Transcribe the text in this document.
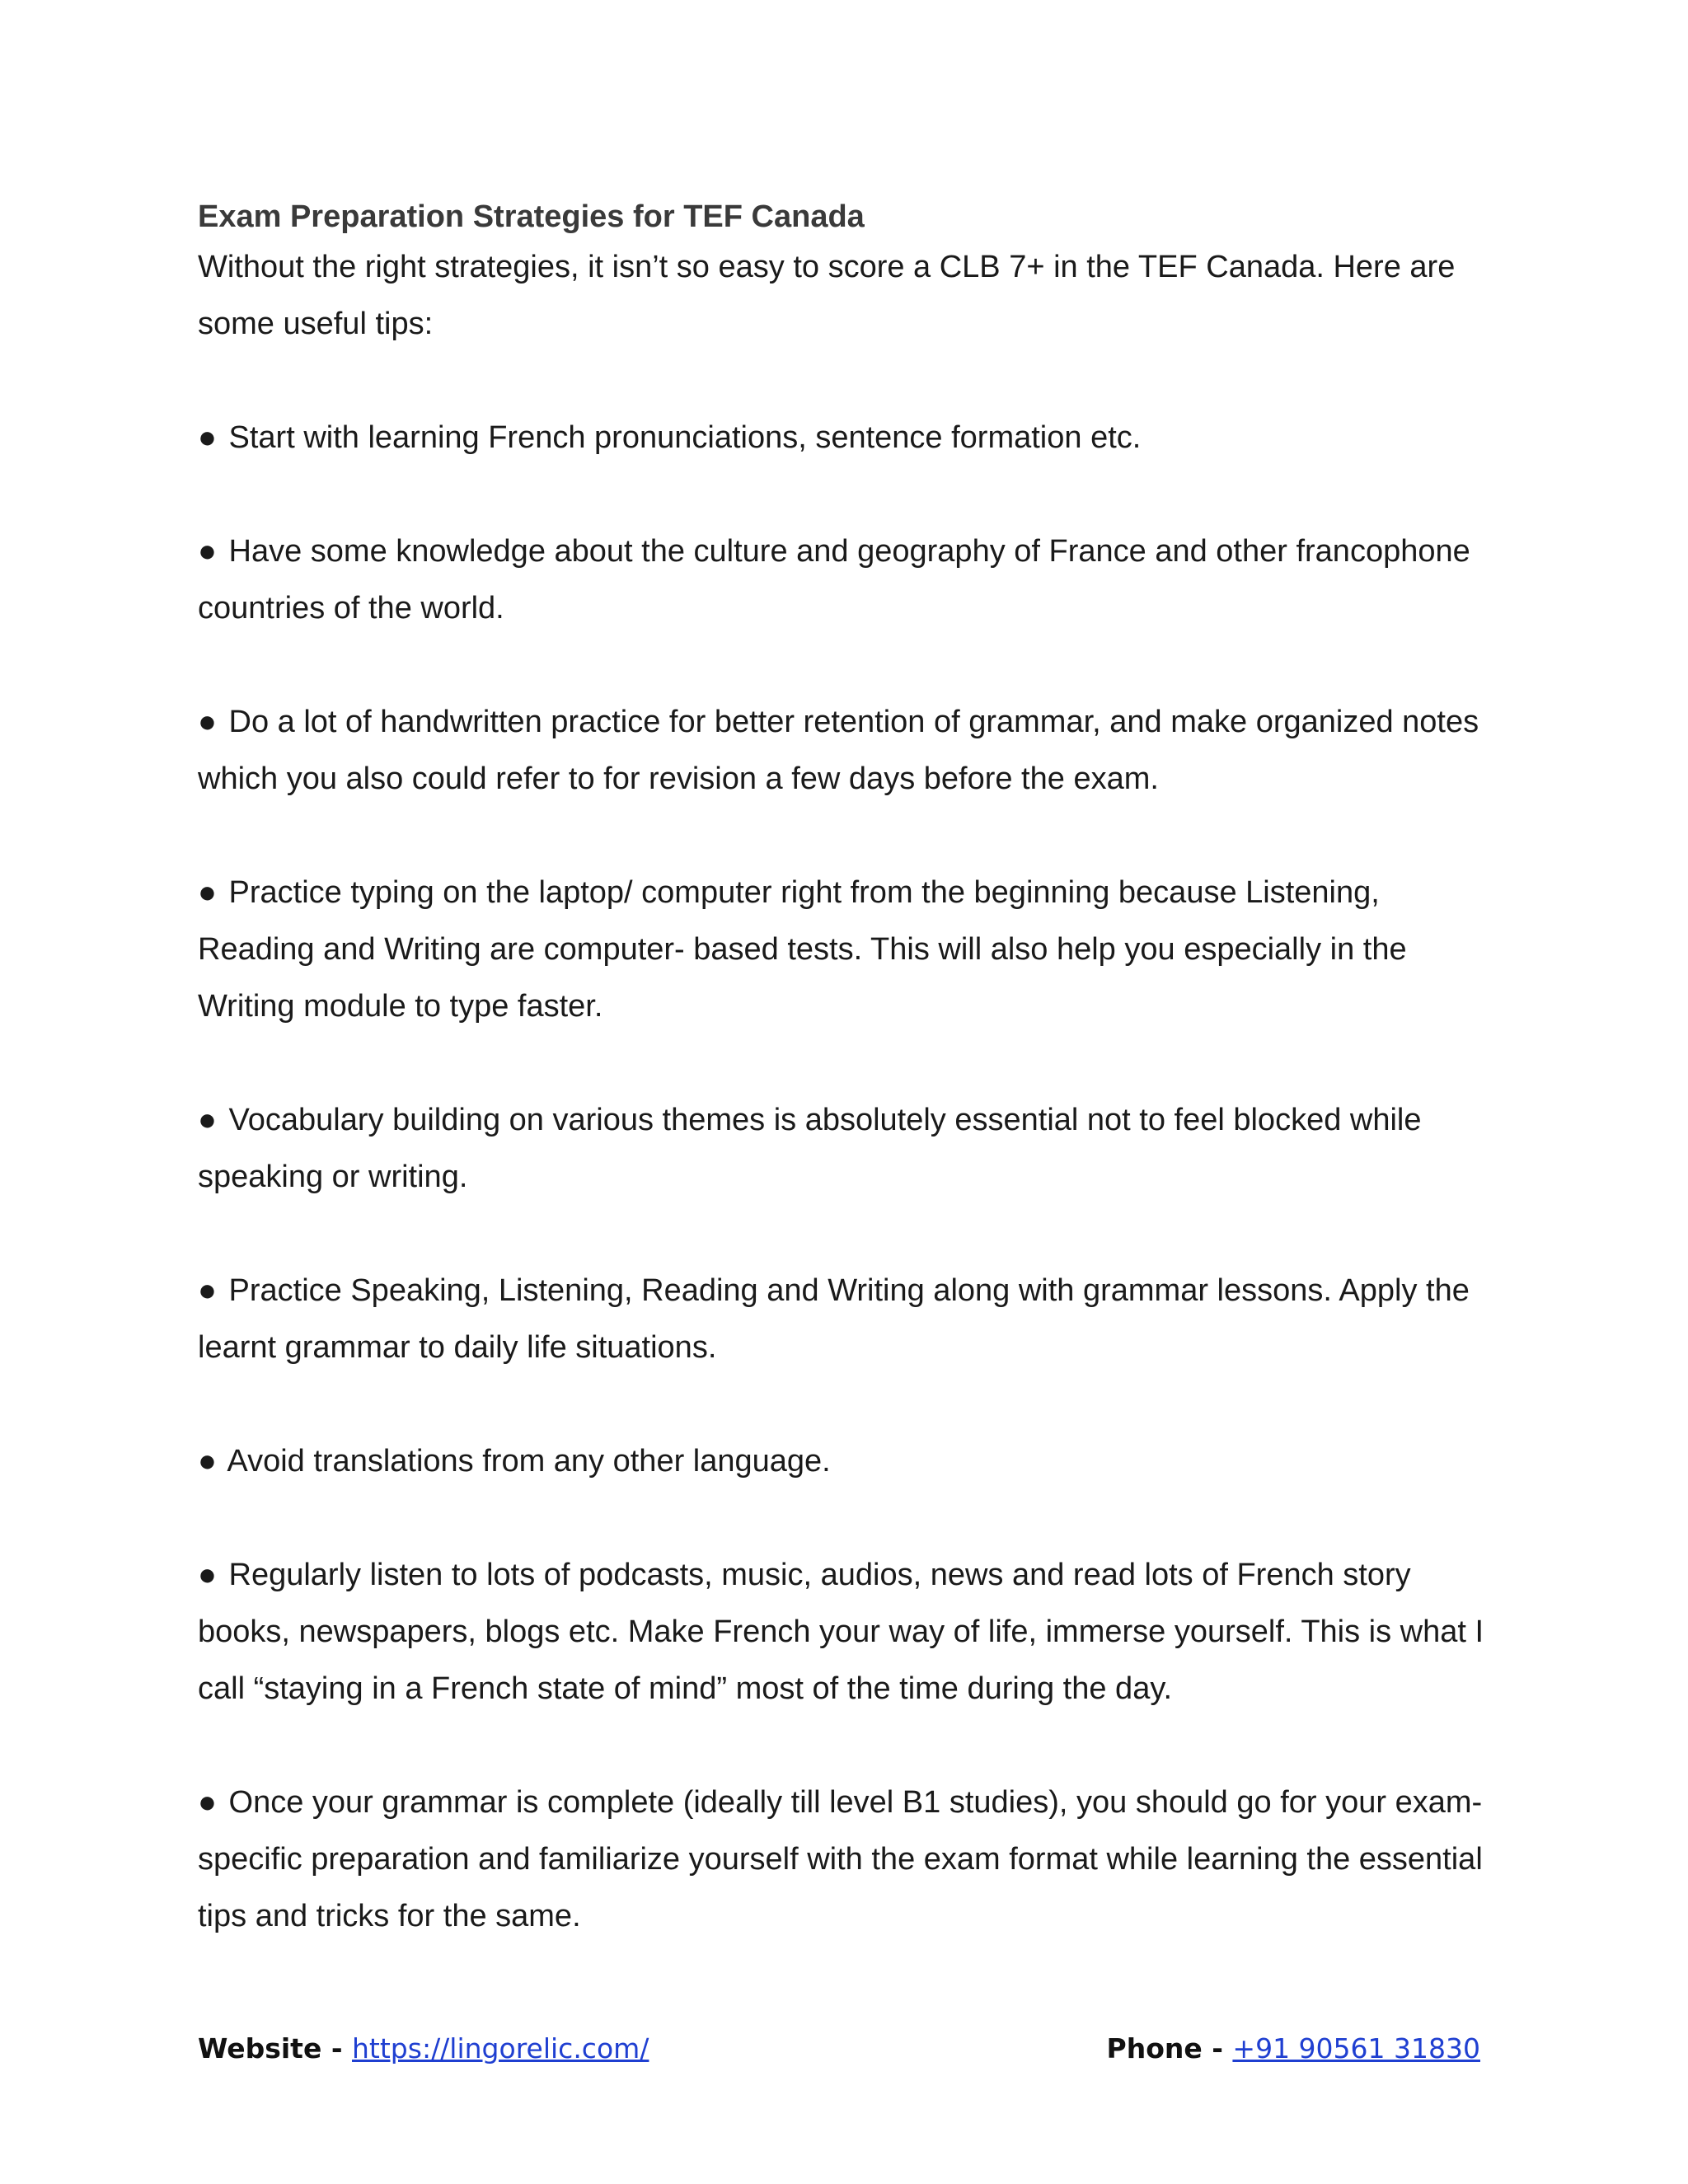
Exam Preparation Strategies for TEF Canada

Without the right strategies, it isn’t so easy to score a CLB 7+ in the TEF Canada. Here are some useful tips:

● Start with learning French pronunciations, sentence formation etc.
● Have some knowledge about the culture and geography of France and other francophone countries of the world.
● Do a lot of handwritten practice for better retention of grammar, and make organized notes which you also could refer to for revision a few days before the exam.
● Practice typing on the laptop/ computer right from the beginning because Listening, Reading and Writing are computer- based tests. This will also help you especially in the Writing module to type faster.
● Vocabulary building on various themes is absolutely essential not to feel blocked while speaking or writing.
● Practice Speaking, Listening, Reading and Writing along with grammar lessons. Apply the learnt grammar to daily life situations.
● Avoid translations from any other language.
● Regularly listen to lots of podcasts, music, audios, news and read lots of French story books, newspapers, blogs etc. Make French your way of life, immerse yourself. This is what I call “staying in a French state of mind” most of the time during the day.
● Once your grammar is complete (ideally till level B1 studies), you should go for your exam- specific preparation and familiarize yourself with the exam format while learning the essential tips and tricks for the same.
Website - https://lingorelic.com/	Phone - +91 90561 31830
